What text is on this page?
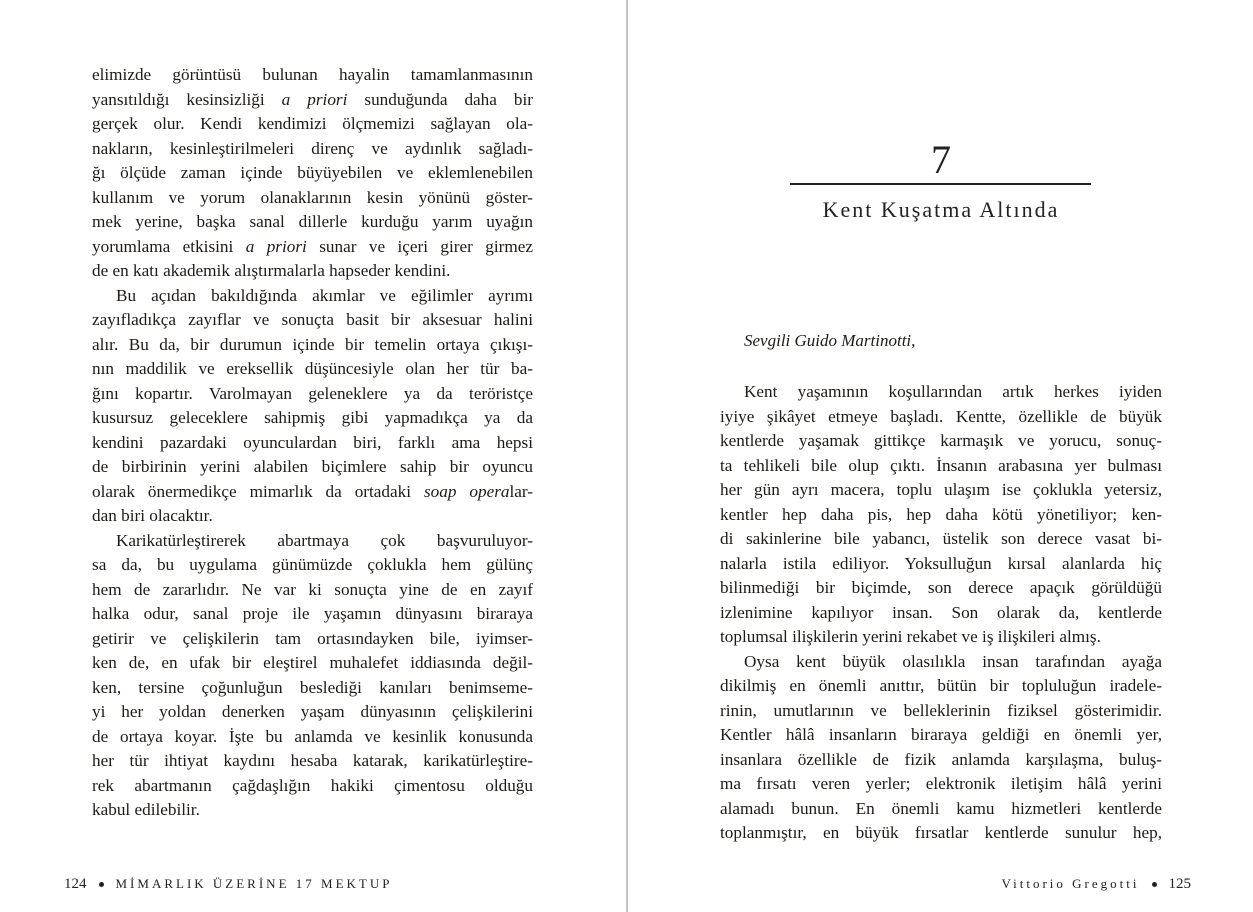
elimizde görüntüsü bulunan hayalin tamamlanmasının
yansıtıldığı kesinsizliği a priori sunduğunda daha bir
gerçek olur. Kendi kendimizi ölçmemizi sağlayan ola-
nakların, kesinleştirilmeleri direnç ve aydınlık sağladı-
ğı ölçüde zaman içinde büyüyebilen ve eklemlenebilen
kullanım ve yorum olanaklarının kesin yönünü göster-
mek yerine, başka sanal dillerle kurduğu yarım uyağın
yorumlama etkisini a priori sunar ve içeri girer girmez
de en katı akademik alıştırmalarla hapseder kendini.
Bu açıdan bakıldığında akımlar ve eğilimler ayrımı
zayıfladıkça zayıflar ve sonuçta basit bir aksesuar halini
alır. Bu da, bir durumun içinde bir temelin ortaya çıkışı-
nın maddilik ve ereksellik düşüncesiyle olan her tür ba-
ğını kopartır. Varolmayan geleneklere ya da teröristçe
kusursuz geleceklere sahipmiş gibi yapmadıkça ya da
kendini pazardaki oyunculardan biri, farklı ama hepsi
de birbirinin yerini alabilen biçimlere sahip bir oyuncu
olarak önermedikçe mimarlık da ortadaki soap operalar-
dan biri olacaktır.
Karikatürleştirerek abartmaya çok başvuruluyor-
sa da, bu uygulama günümüzde çoklukla hem gülünç
hem de zararlıdır. Ne var ki sonuçta yine de en zayıf
halka odur, sanal proje ile yaşamın dünyasını biraraya
getirir ve çelişkilerin tam ortasındayken bile, iyimser-
ken de, en ufak bir eleştirel muhalefet iddiasında değil-
ken, tersine çoğunluğun beslediği kanıları benimseme-
yi her yoldan denerken yaşam dünyasının çelişkilerini
de ortaya koyar. İşte bu anlamda ve kesinlik konusunda
her tür ihtiyat kaydını hesaba katarak, karikatürleştire-
rek abartmanın çağdaşlığın hakiki çimentosu olduğu
kabul edilebilir.
124 MİMARLIK ÜZERİNE 17 MEKTUP
7
Kent Kuşatma Altında
Sevgili Guido Martinotti,
Kent yaşamının koşullarından artık herkes iyiden
iyiye şikâyet etmeye başladı. Kentte, özellikle de büyük
kentlerde yaşamak gittikçe karmaşık ve yorucu, sonuç-
ta tehlikeli bile olup çıktı. İnsanın arabasına yer bulması
her gün ayrı macera, toplu ulaşım ise çoklukla yetersiz,
kentler hep daha pis, hep daha kötü yönetiliyor; ken-
di sakinlerine bile yabancı, üstelik son derece vasat bi-
nalarla istila ediliyor. Yoksulluğun kırsal alanlarda hiç
bilinmediği bir biçimde, son derece apaçık görüldüğü
izlenimine kapılıyor insan. Son olarak da, kentlerde
toplumsal ilişkilerin yerini rekabet ve iş ilişkileri almış.
Oysa kent büyük olasılıkla insan tarafından ayağa
dikilmiş en önemli anıttır, bütün bir topluluğun iradele-
rinin, umutlarının ve belleklerinin fiziksel gösterimidir.
Kentler hâlâ insanların biraraya geldiği en önemli yer,
insanlara özellikle de fizik anlamda karşılaşma, buluş-
ma fırsatı veren yerler; elektronik iletişim hâlâ yerini
alamadı bunun. En önemli kamu hizmetleri kentlerde
toplanmıştır, en büyük fırsatlar kentlerde sunulur hep,
Vittorio Gregotti 125
